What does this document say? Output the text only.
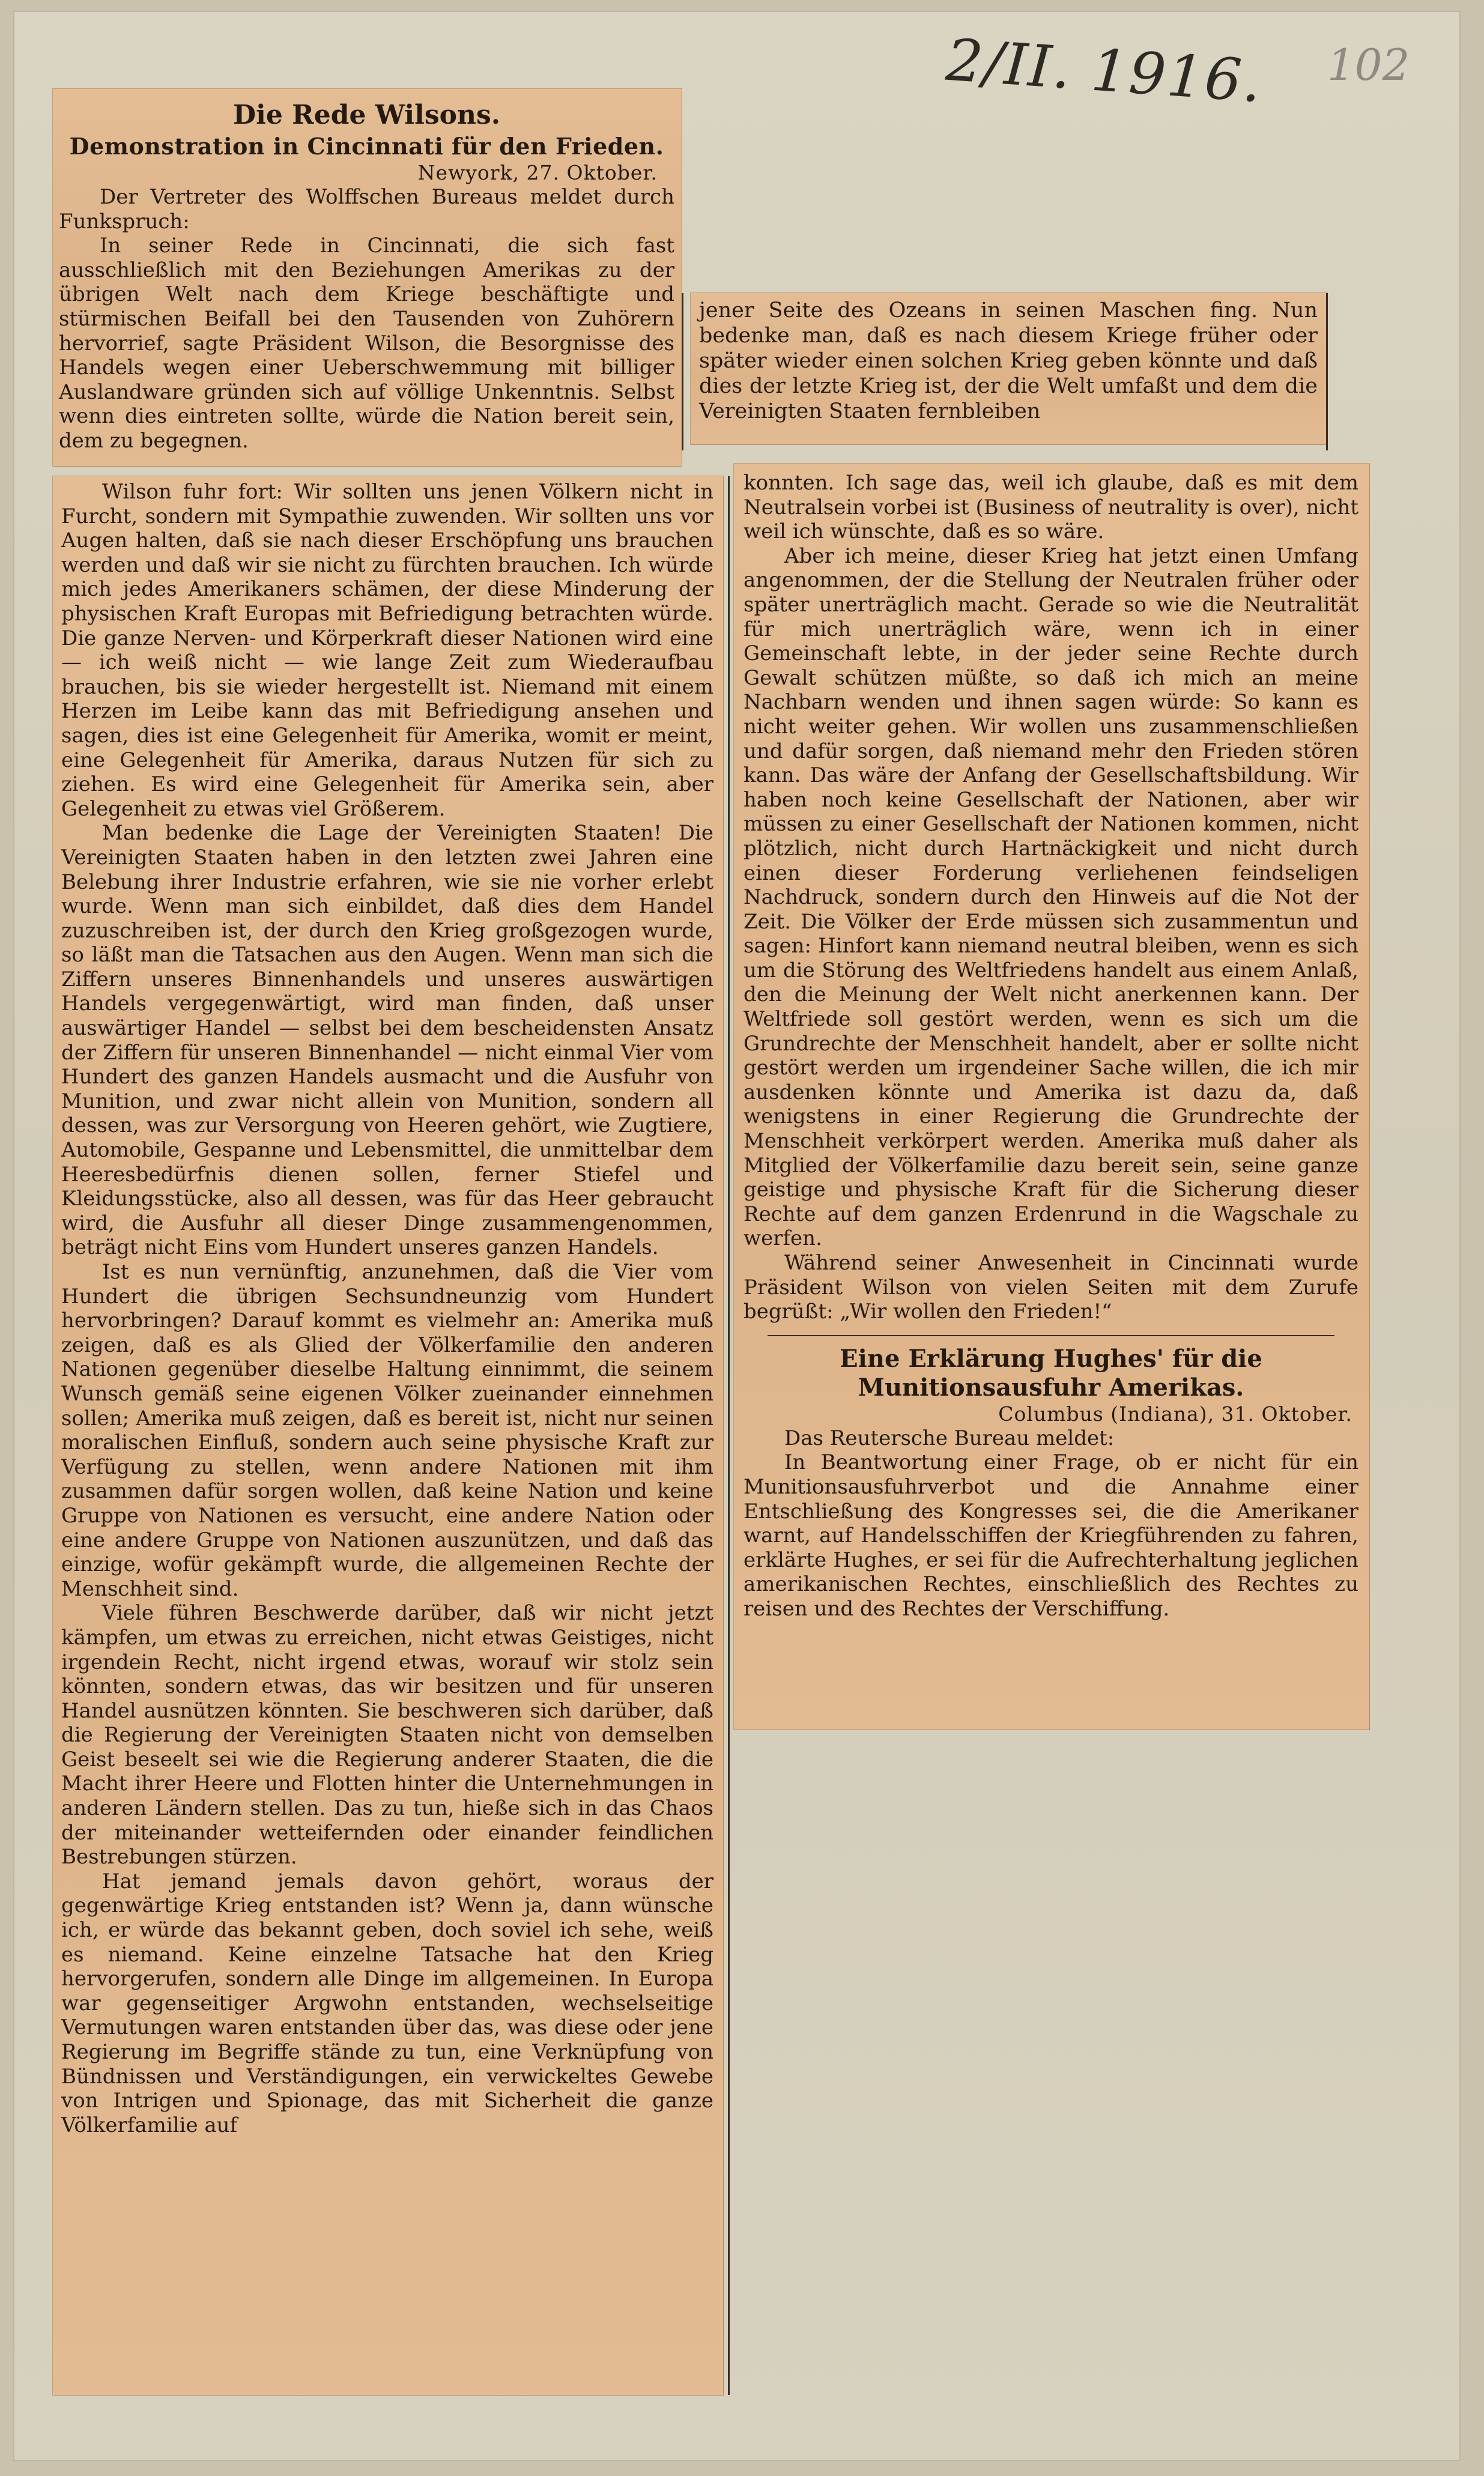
2/II. 1916. 102
Die Rede Wilsons.
Demonstration in Cincinnati für den Frieden.
Newyork, 27. Oktober.

Der Vertreter des Wolffschen Bureaus meldet durch Funkspruch:

In seiner Rede in Cincinnati, die sich fast ausschließlich mit den Beziehungen Amerikas zu der übrigen Welt nach dem Kriege beschäftigte und stürmischen Beifall bei den Tausenden von Zuhörern hervorrief, sagte Präsident Wilson, die Besorgnisse des Handels wegen einer Ueberschwemmung mit billiger Auslandware gründen sich auf völlige Unkenntnis. Selbst wenn dies eintreten sollte, würde die Nation bereit sein, dem zu begegnen.

jener Seite des Ozeans in seinen Maschen fing. Nun bedenke man, daß es nach diesem Kriege früher oder später wieder einen solchen Krieg geben könnte und daß dies der letzte Krieg ist, der die Welt umfaßt und dem die Vereinigten Staaten fernbleiben

Wilson fuhr fort: Wir sollten uns jenen Völkern nicht in Furcht, sondern mit Sympathie zuwenden. Wir sollten uns vor Augen halten, daß sie nach dieser Erschöpfung uns brauchen werden und daß wir sie nicht zu fürchten brauchen. Ich würde mich jedes Amerikaners schämen, der diese Minderung der physischen Kraft Europas mit Befriedigung betrachten würde. Die ganze Nerven- und Körperkraft dieser Nationen wird eine — ich weiß nicht — wie lange Zeit zum Wiederaufbau brauchen, bis sie wieder hergestellt ist. Niemand mit einem Herzen im Leibe kann das mit Befriedigung ansehen und sagen, dies ist eine Gelegenheit für Amerika, womit er meint, eine Gelegenheit für Amerika, daraus Nutzen für sich zu ziehen. Es wird eine Gelegenheit für Amerika sein, aber Gelegenheit zu etwas viel Größerem.

Man bedenke die Lage der Vereinigten Staaten! Die Vereinigten Staaten haben in den letzten zwei Jahren eine Belebung ihrer Industrie erfahren, wie sie nie vorher erlebt wurde. Wenn man sich einbildet, daß dies dem Handel zuzuschreiben ist, der durch den Krieg großgezogen wurde, so läßt man die Tatsachen aus den Augen. Wenn man sich die Ziffern unseres Binnenhandels und unseres auswärtigen Handels vergegenwärtigt, wird man finden, daß unser auswärtiger Handel — selbst bei dem bescheidensten Ansatz der Ziffern für unseren Binnenhandel — nicht einmal Vier vom Hundert des ganzen Handels ausmacht und die Ausfuhr von Munition, und zwar nicht allein von Munition, sondern all dessen, was zur Versorgung von Heeren gehört, wie Zugtiere, Automobile, Gespanne und Lebensmittel, die unmittelbar dem Heeresbedürfnis dienen sollen, ferner Stiefel und Kleidungsstücke, also all dessen, was für das Heer gebraucht wird, die Ausfuhr all dieser Dinge zusammengenommen, beträgt nicht Eins vom Hundert unseres ganzen Handels.

Ist es nun vernünftig, anzunehmen, daß die Vier vom Hundert die übrigen Sechsundneunzig vom Hundert hervorbringen? Darauf kommt es vielmehr an: Amerika muß zeigen, daß es als Glied der Völkerfamilie den anderen Nationen gegenüber dieselbe Haltung einnimmt, die seinem Wunsch gemäß seine eigenen Völker zueinander einnehmen sollen; Amerika muß zeigen, daß es bereit ist, nicht nur seinen moralischen Einfluß, sondern auch seine physische Kraft zur Verfügung zu stellen, wenn andere Nationen mit ihm zusammen dafür sorgen wollen, daß keine Nation und keine Gruppe von Nationen es versucht, eine andere Nation oder eine andere Gruppe von Nationen auszunützen, und daß das einzige, wofür gekämpft wurde, die allgemeinen Rechte der Menschheit sind.

Viele führen Beschwerde darüber, daß wir nicht jetzt kämpfen, um etwas zu erreichen, nicht etwas Geistiges, nicht irgendein Recht, nicht irgend etwas, worauf wir stolz sein könnten, sondern etwas, das wir besitzen und für unseren Handel ausnützen könnten. Sie beschweren sich darüber, daß die Regierung der Vereinigten Staaten nicht von demselben Geist beseelt sei wie die Regierung anderer Staaten, die die Macht ihrer Heere und Flotten hinter die Unternehmungen in anderen Ländern stellen. Das zu tun, hieße sich in das Chaos der miteinander wetteifernden oder einander feindlichen Bestrebungen stürzen.

Hat jemand jemals davon gehört, woraus der gegenwärtige Krieg entstanden ist? Wenn ja, dann wünsche ich, er würde das bekannt geben, doch soviel ich sehe, weiß es niemand. Keine einzelne Tatsache hat den Krieg hervorgerufen, sondern alle Dinge im allgemeinen. In Europa war gegenseitiger Argwohn entstanden, wechselseitige Vermutungen waren entstanden über das, was diese oder jene Regierung im Begriffe stände zu tun, eine Verknüpfung von Bündnissen und Verständigungen, ein verwickeltes Gewebe von Intrigen und Spionage, das mit Sicherheit die ganze Völkerfamilie auf

konnten. Ich sage das, weil ich glaube, daß es mit dem Neutralsein vorbei ist (Business of neutrality is over), nicht weil ich wünschte, daß es so wäre.

Aber ich meine, dieser Krieg hat jetzt einen Umfang angenommen, der die Stellung der Neutralen früher oder später unerträglich macht. Gerade so wie die Neutralität für mich unerträglich wäre, wenn ich in einer Gemeinschaft lebte, in der jeder seine Rechte durch Gewalt schützen müßte, so daß ich mich an meine Nachbarn wenden und ihnen sagen würde: So kann es nicht weiter gehen. Wir wollen uns zusammenschließen und dafür sorgen, daß niemand mehr den Frieden stören kann. Das wäre der Anfang der Gesellschaftsbildung. Wir haben noch keine Gesellschaft der Nationen, aber wir müssen zu einer Gesellschaft der Nationen kommen, nicht plötzlich, nicht durch Hartnäckigkeit und nicht durch einen dieser Forderung verliehenen feindseligen Nachdruck, sondern durch den Hinweis auf die Not der Zeit. Die Völker der Erde müssen sich zusammentun und sagen: Hinfort kann niemand neutral bleiben, wenn es sich um die Störung des Weltfriedens handelt aus einem Anlaß, den die Meinung der Welt nicht anerkennen kann. Der Weltfriede soll gestört werden, wenn es sich um die Grundrechte der Menschheit handelt, aber er sollte nicht gestört werden um irgendeiner Sache willen, die ich mir ausdenken könnte und Amerika ist dazu da, daß wenigstens in einer Regierung die Grundrechte der Menschheit verkörpert werden. Amerika muß daher als Mitglied der Völkerfamilie dazu bereit sein, seine ganze geistige und physische Kraft für die Sicherung dieser Rechte auf dem ganzen Erdenrund in die Wagschale zu werfen.

Während seiner Anwesenheit in Cincinnati wurde Präsident Wilson von vielen Seiten mit dem Zurufe begrüßt: „Wir wollen den Frieden!“

Eine Erklärung Hughes' für die Munitionsausfuhr Amerikas.
Columbus (Indiana), 31. Oktober.

Das Reutersche Bureau meldet:

In Beantwortung einer Frage, ob er nicht für ein Munitionsausfuhrverbot und die Annahme einer Entschließung des Kongresses sei, die die Amerikaner warnt, auf Handelsschiffen der Kriegführenden zu fahren, erklärte Hughes, er sei für die Aufrechterhaltung jeglichen amerikanischen Rechtes, einschließlich des Rechtes zu reisen und des Rechtes der Verschiffung.
